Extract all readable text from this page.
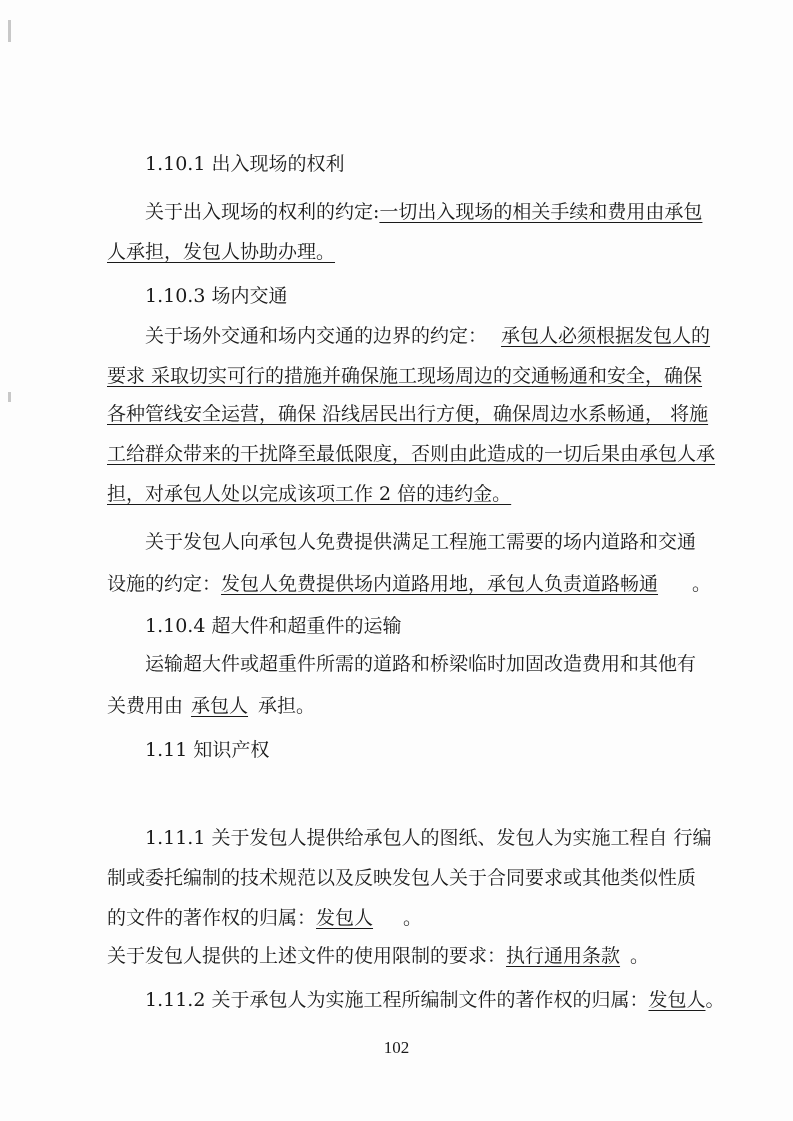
1.10.1 出入现场的权利
关于出入现场的权利的约定:一切出入现场的相关手续和费用由承包
人承担，发包人协助办理。
1.10.3 场内交通
关于场外交通和场内交通的边界的约定： 承包人必须根据发包人的
要求 采取切实可行的措施并确保施工现场周边的交通畅通和安全，确保
各种管线安全运营，确保 沿线居民出行方便，确保周边水系畅通， 将施
工给群众带来的干扰降至最低限度，否则由此造成的一切后果由承包人承
担，对承包人处以完成该项工作 2 倍的违约金。
关于发包人向承包人免费提供满足工程施工需要的场内道路和交通
设施的约定：发包人免费提供场内道路用地，承包人负责道路畅通 。
1.10.4 超大件和超重件的运输
运输超大件或超重件所需的道路和桥梁临时加固改造费用和其他有
关费用由 承包人 承担。
1.11 知识产权
1.11.1 关于发包人提供给承包人的图纸、发包人为实施工程自 行编
制或委托编制的技术规范以及反映发包人关于合同要求或其他类似性质
的文件的著作权的归属：发包人 。
关于发包人提供的上述文件的使用限制的要求：执行通用条款 。
1.11.2 关于承包人为实施工程所编制文件的著作权的归属：发包人。
102
